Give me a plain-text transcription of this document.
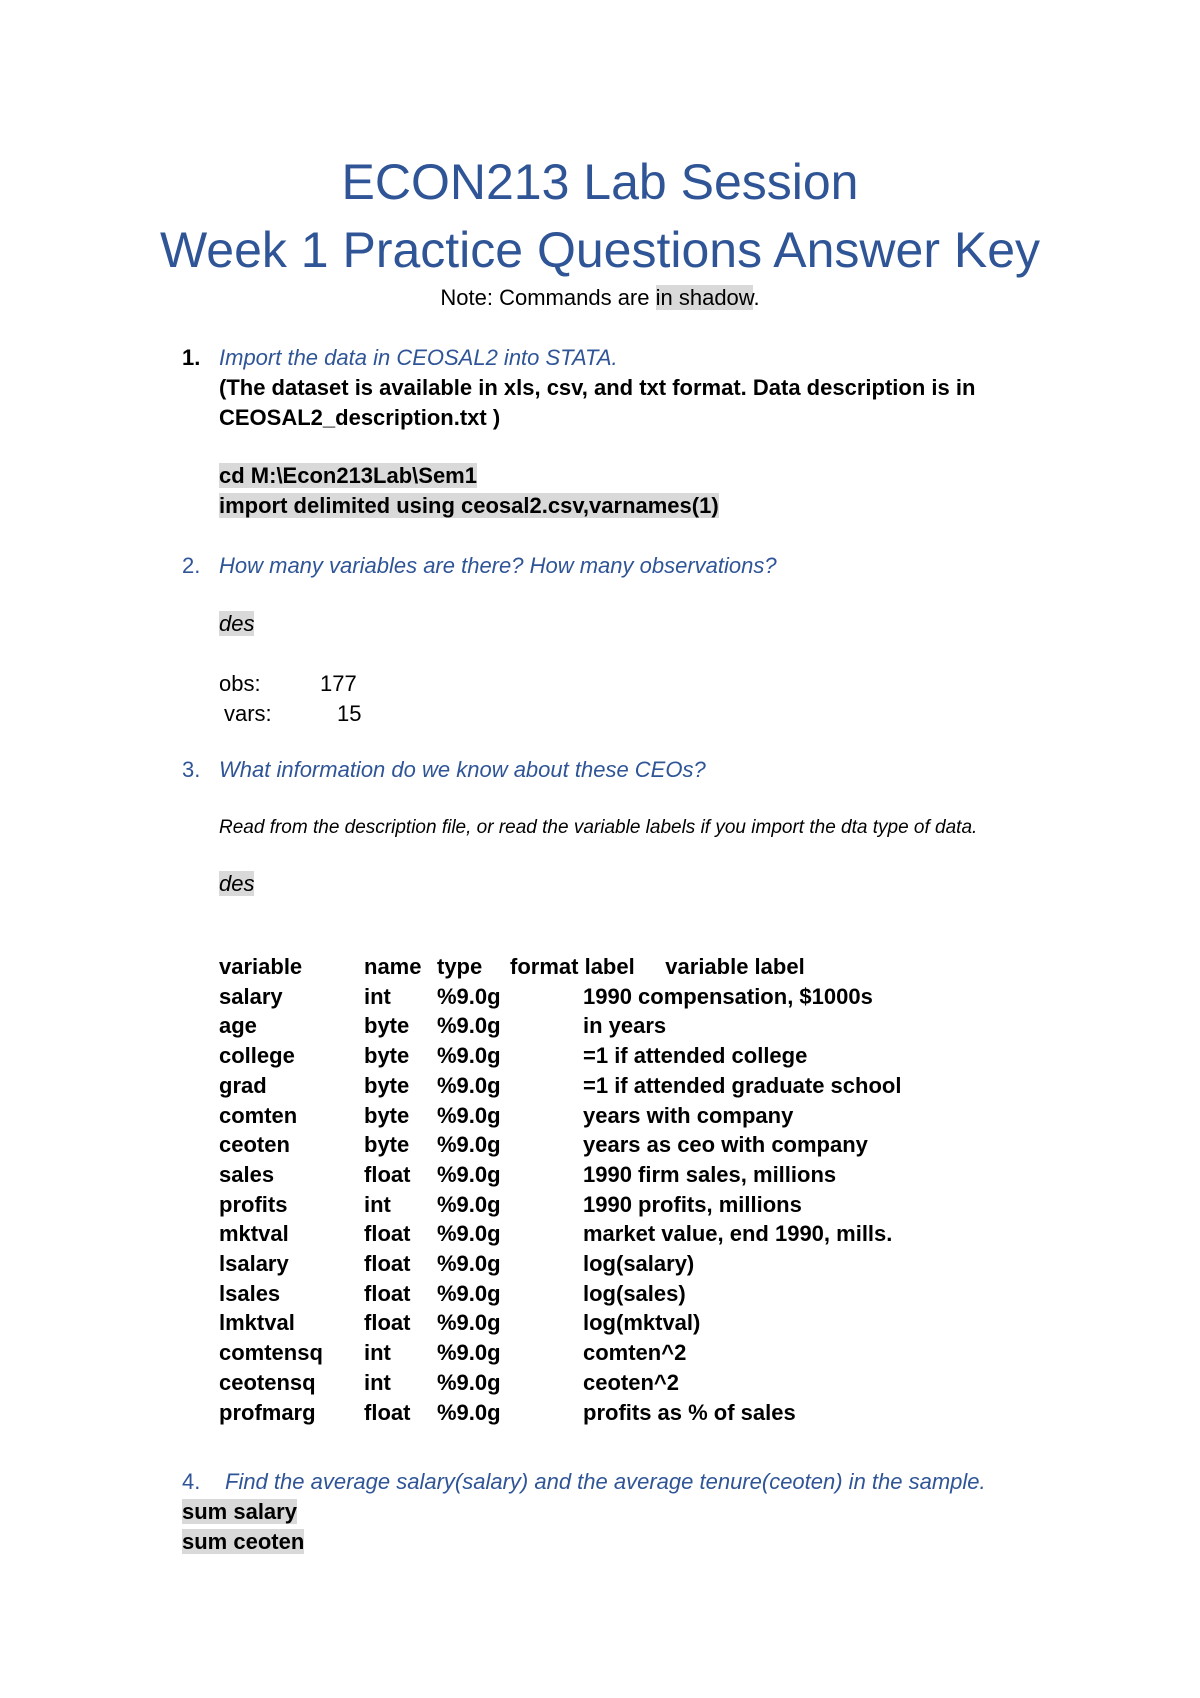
ECON213 Lab Session
Week 1 Practice Questions Answer Key
Note: Commands are in shadow.
1. Import the data in CEOSAL2 into STATA.
(The dataset is available in xls, csv, and txt format. Data description is in
CEOSAL2_description.txt )
cd M:\Econ213Lab\Sem1
import delimited using ceosal2.csv,varnames(1)
2. How many variables are there? How many observations?
des
obs:	177
vars:	15
3. What information do we know about these CEOs?
Read from the description file, or read the variable labels if you import the dta type of data.
des
variable	name	type	format label variable label	
salary	int	%9.0g		1990 compensation, $1000s
age	byte	%9.0g		in years
college	byte	%9.0g		=1 if attended college
grad	byte	%9.0g		=1 if attended graduate school
comten	byte	%9.0g		years with company
ceoten	byte	%9.0g		years as ceo with company
sales	float	%9.0g		1990 firm sales, millions
profits	int	%9.0g		1990 profits, millions
mktval	float	%9.0g		market value, end 1990, mills.
lsalary	float	%9.0g		log(salary)
lsales	float	%9.0g		log(sales)
lmktval	float	%9.0g		log(mktval)
comtensq	int	%9.0g		comten^2
ceotensq	int	%9.0g		ceoten^2
profmarg	float	%9.0g		profits as % of sales
4. Find the average salary(salary) and the average tenure(ceoten) in the sample.
sum salary
sum ceoten
